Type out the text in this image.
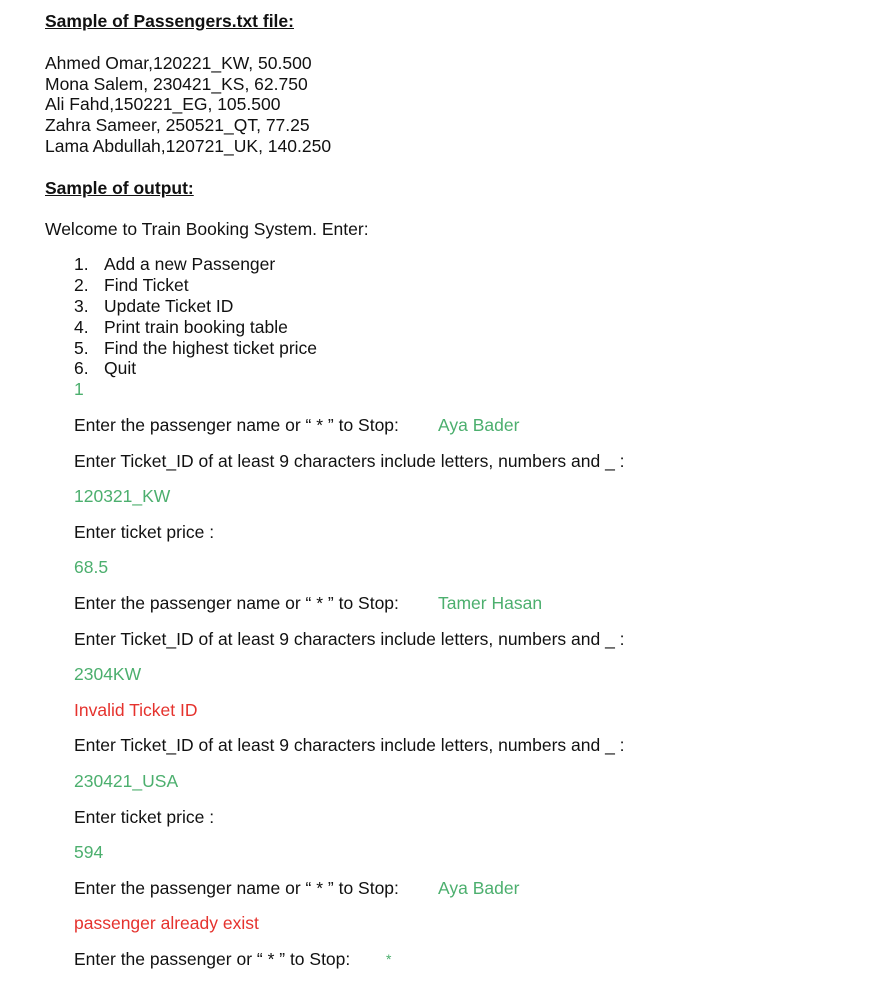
Sample of Passengers.txt file:
Ahmed Omar,120221_KW, 50.500
Mona Salem, 230421_KS, 62.750
Ali Fahd,150221_EG, 105.500
Zahra Sameer, 250521_QT, 77.25
Lama Abdullah,120721_UK, 140.250
Sample of output:
Welcome to Train Booking System. Enter:
1. Add a new Passenger
2. Find Ticket
3. Update Ticket ID
4. Print train booking table
5. Find the highest ticket price
6. Quit
1
Enter the passenger name or “ * ” to Stop: Aya Bader
Enter Ticket_ID of at least 9 characters include letters, numbers and _ :
120321_KW
Enter ticket price :
68.5
Enter the passenger name or “ * ” to Stop: Tamer Hasan
Enter Ticket_ID of at least 9 characters include letters, numbers and _ :
2304KW
Invalid Ticket ID
Enter Ticket_ID of at least 9 characters include letters, numbers and _ :
230421_USA
Enter ticket price :
594
Enter the passenger name or “ * ” to Stop: Aya Bader
passenger already exist
Enter the passenger or “ * ” to Stop:	*
